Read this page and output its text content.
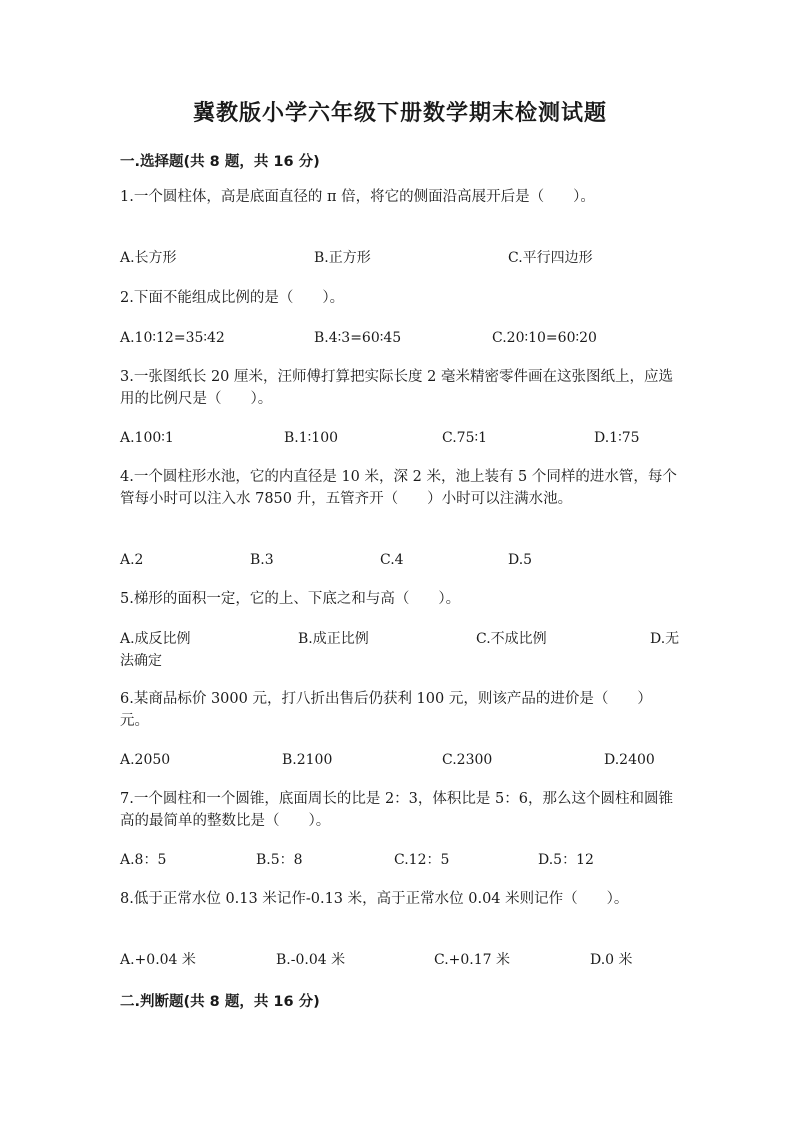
冀教版小学六年级下册数学期末检测试题
一.选择题(共 8 题，共 16 分)
1.一个圆柱体，高是底面直径的 π 倍，将它的侧面沿高展开后是（　　）。
A.长方形	B.正方形	C.平行四边形
2.下面不能组成比例的是（　　）。
A.10∶12=35∶42	B.4∶3=60∶45	C.20∶10=60∶20
3.一张图纸长 20 厘米，汪师傅打算把实际长度 2 毫米精密零件画在这张图纸上，应选用的比例尺是（　　）。
A.100∶1	B.1∶100	C.75∶1	D.1∶75
4.一个圆柱形水池，它的内直径是 10 米，深 2 米，池上装有 5 个同样的进水管，每个管每小时可以注入水 7850 升，五管齐开（　　）小时可以注满水池。
A.2	B.3	C.4	D.5
5.梯形的面积一定，它的上、下底之和与高（　　）。
A.成反比例	B.成正比例	C.不成比例	D.无法确定
6.某商品标价 3000 元，打八折出售后仍获利 100 元，则该产品的进价是（　　）元。
A.2050	B.2100	C.2300	D.2400
7.一个圆柱和一个圆锥，底面周长的比是 2：3，体积比是 5：6，那么这个圆柱和圆锥高的最简单的整数比是（　　）。
A.8：5	B.5：8	C.12：5	D.5：12
8.低于正常水位 0.13 米记作-0.13 米，高于正常水位 0.04 米则记作（　　）。
A.+0.04 米	B.-0.04 米	C.+0.17 米	D.0 米
二.判断题(共 8 题，共 16 分)
